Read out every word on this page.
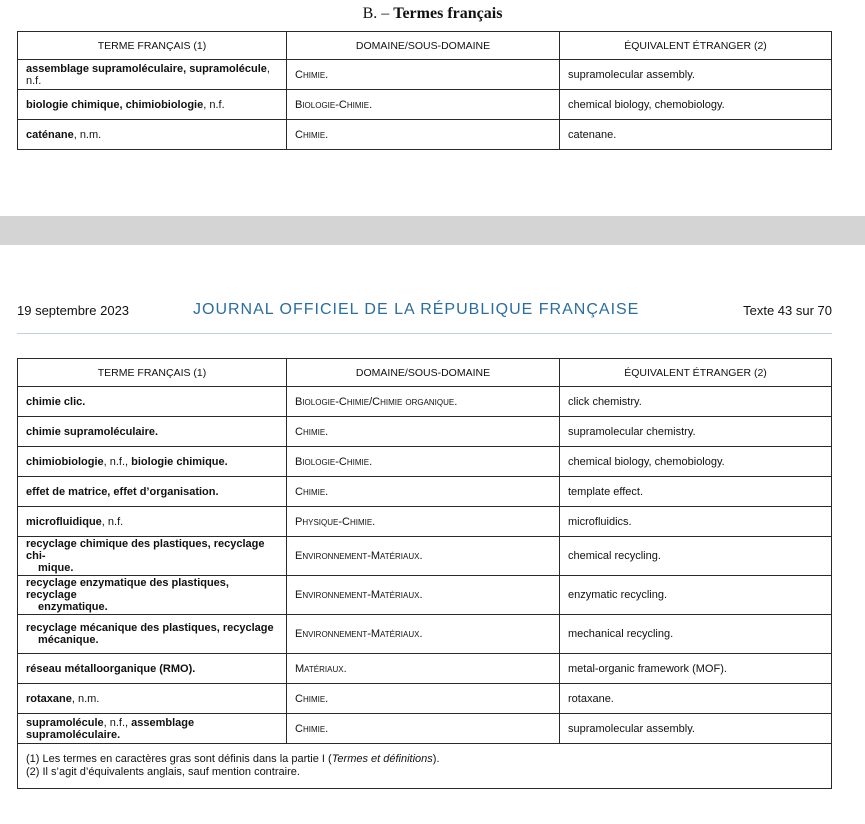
B. – Termes français
TERME FRANÇAIS (1)	DOMAINE/SOUS-DOMAINE	ÉQUIVALENT ÉTRANGER (2)
assemblage supramoléculaire, supramolécule, n.f.	Chimie.	supramolecular assembly.
biologie chimique, chimiobiologie, n.f.	Biologie-Chimie.	chemical biology, chemobiology.
caténane, n.m.	Chimie.	catenane.
19 septembre 2023	JOURNAL OFFICIEL DE LA RÉPUBLIQUE FRANÇAISE	Texte 43 sur 70
TERME FRANÇAIS (1)	DOMAINE/SOUS-DOMAINE	ÉQUIVALENT ÉTRANGER (2)
chimie clic.	Biologie-Chimie/Chimie organique.	click chemistry.
chimie supramoléculaire.	Chimie.	supramolecular chemistry.
chimiobiologie, n.f., biologie chimique.	Biologie-Chimie.	chemical biology, chemobiology.
effet de matrice, effet d’organisation.	Chimie.	template effect.
microfluidique, n.f.	Physique-Chimie.	microfluidics.
recyclage chimique des plastiques, recyclage chi-
mique.	Environnement-Matériaux.	chemical recycling.
recyclage enzymatique des plastiques, recyclage
enzymatique.	Environnement-Matériaux.	enzymatic recycling.
recyclage mécanique des plastiques, recyclage
mécanique.	Environnement-Matériaux.	mechanical recycling.
réseau métalloorganique (RMO).	Matériaux.	metal-organic framework (MOF).
rotaxane, n.m.	Chimie.	rotaxane.
supramolécule, n.f., assemblage supramoléculaire.	Chimie.	supramolecular assembly.

(1) Les termes en caractères gras sont définis dans la partie I (Termes et définitions).
(2) Il s’agit d’équivalents anglais, sauf mention contraire.		
